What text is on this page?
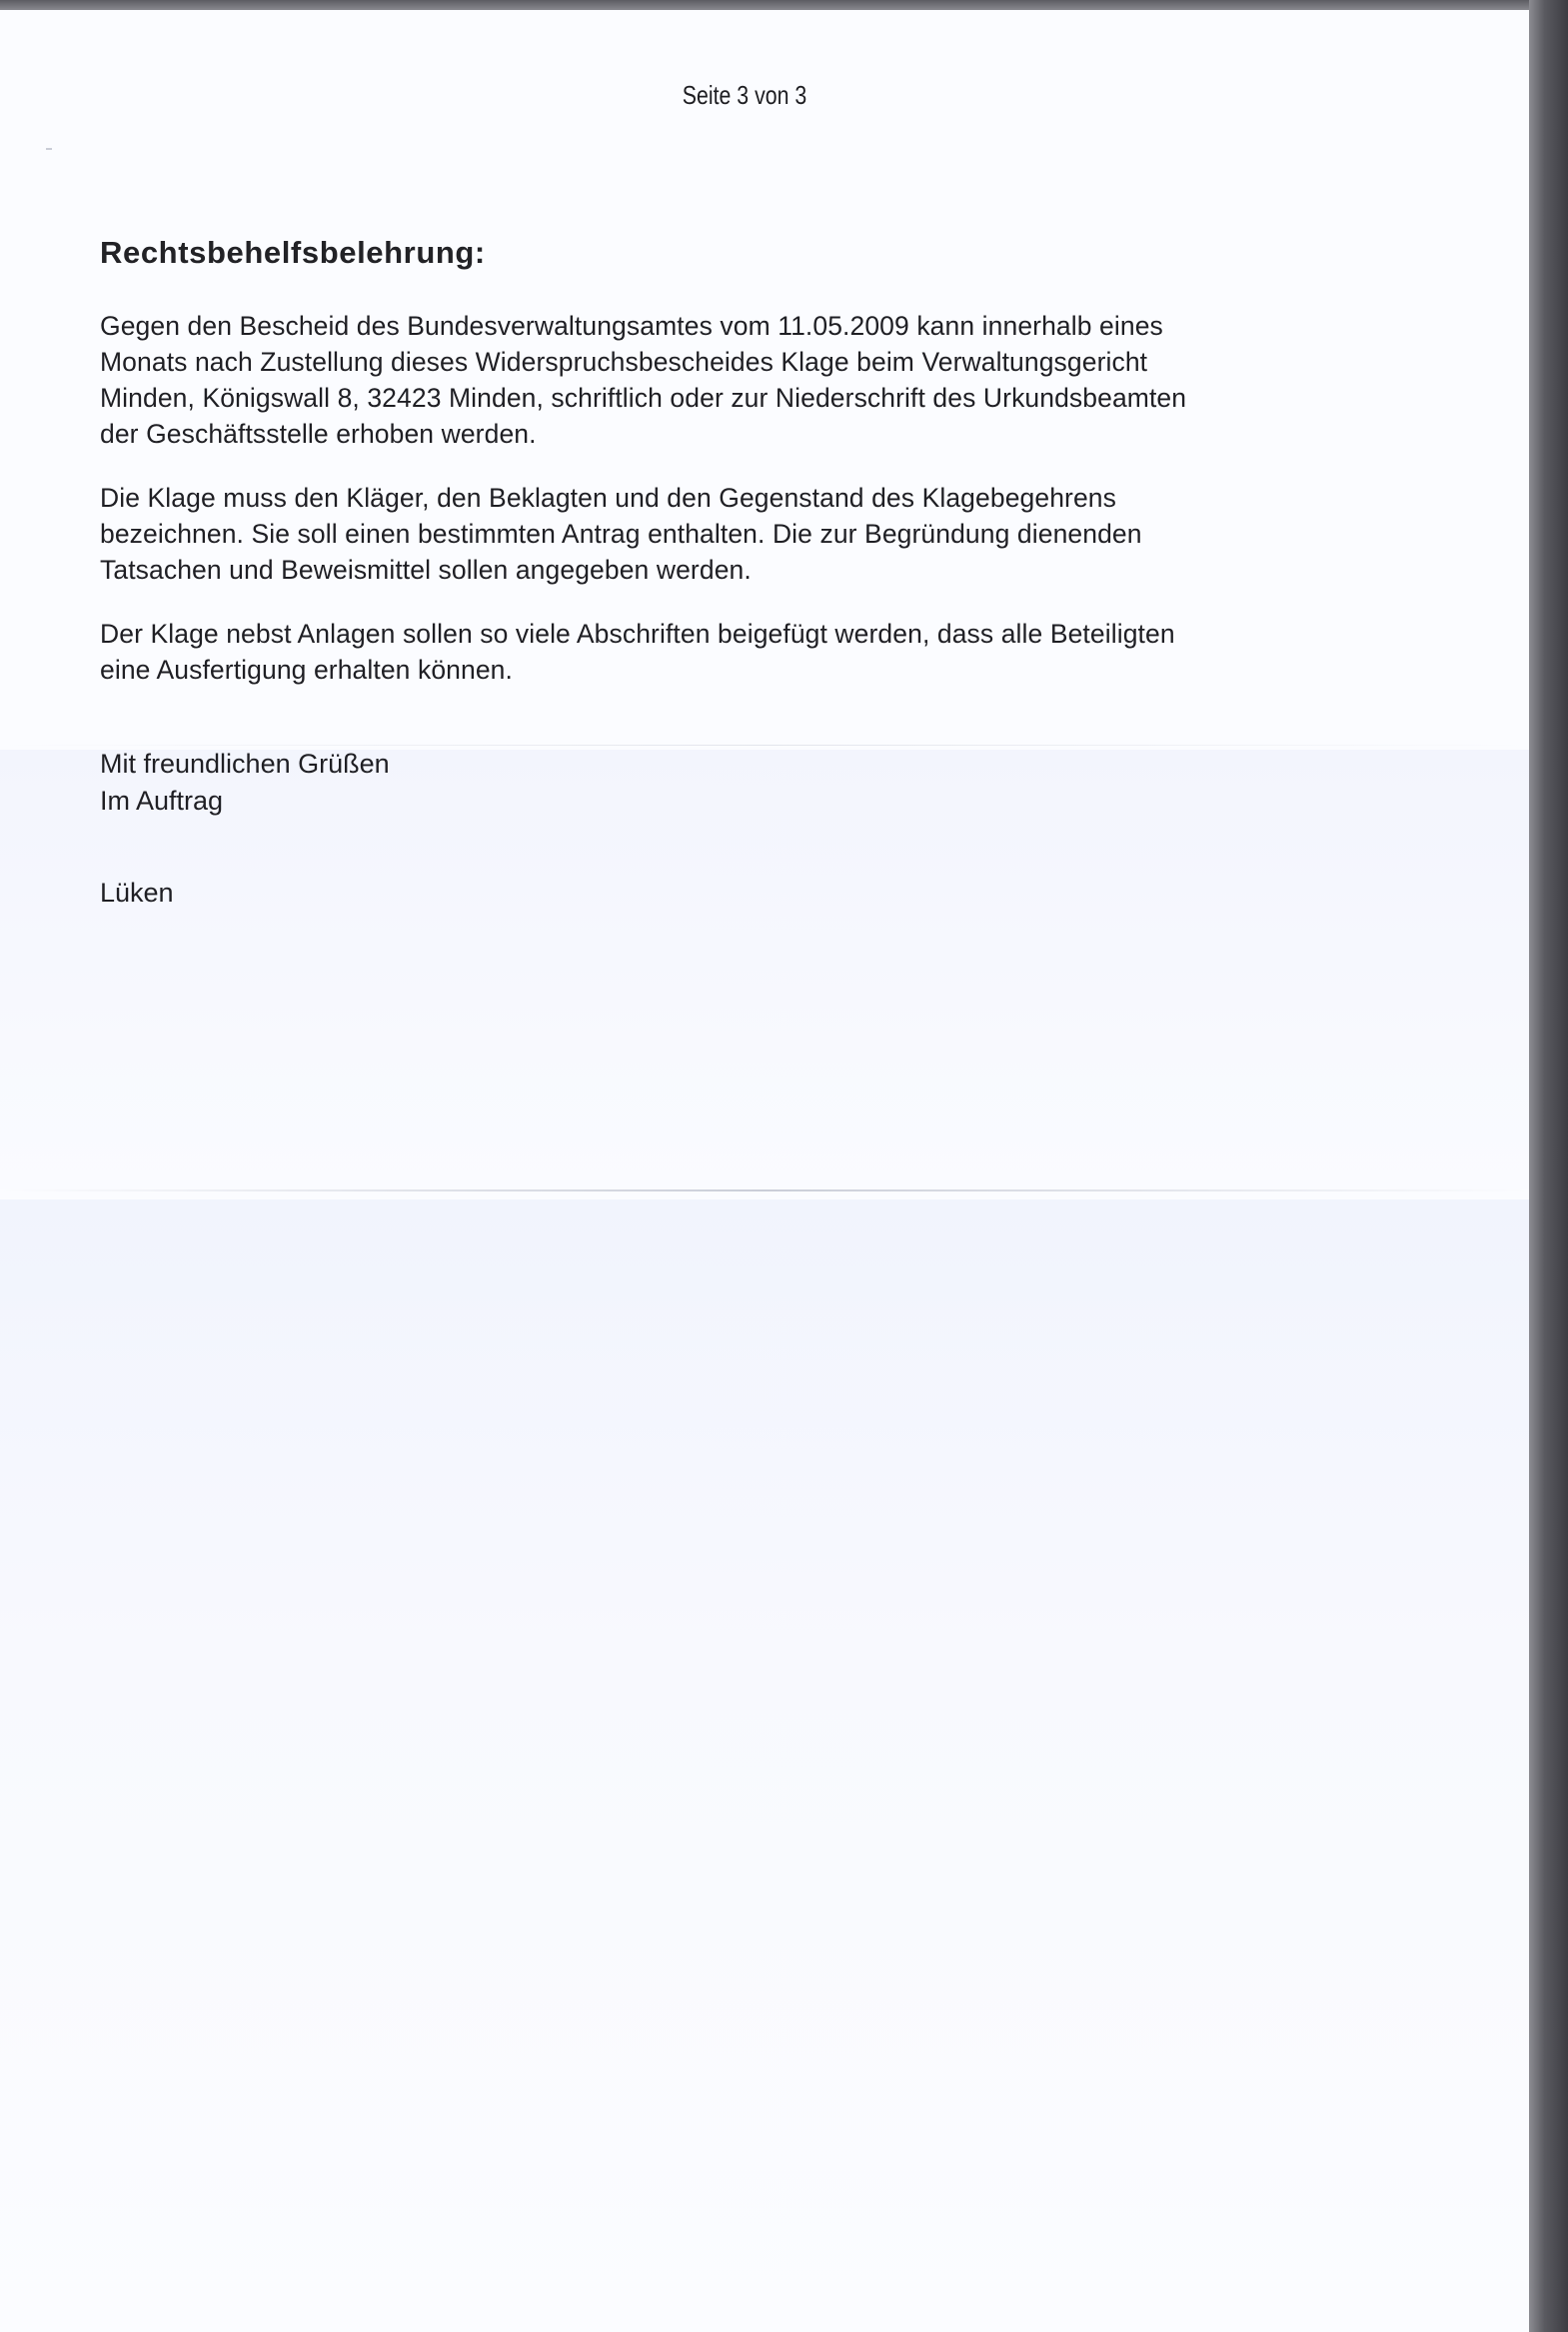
Seite 3 von 3
Rechtsbehelfsbelehrung:
Gegen den Bescheid des Bundesverwaltungsamtes vom 11.05.2009 kann innerhalb eines
Monats nach Zustellung dieses Widerspruchsbescheides Klage beim Verwaltungsgericht
Minden, Königswall 8, 32423 Minden, schriftlich oder zur Niederschrift des Urkundsbeamten
der Geschäftsstelle erhoben werden.
Die Klage muss den Kläger, den Beklagten und den Gegenstand des Klagebegehrens
bezeichnen. Sie soll einen bestimmten Antrag enthalten. Die zur Begründung dienenden
Tatsachen und Beweismittel sollen angegeben werden.
Der Klage nebst Anlagen sollen so viele Abschriften beigefügt werden, dass alle Beteiligten
eine Ausfertigung erhalten können.
Mit freundlichen Grüßen
Im Auftrag
Lüken
